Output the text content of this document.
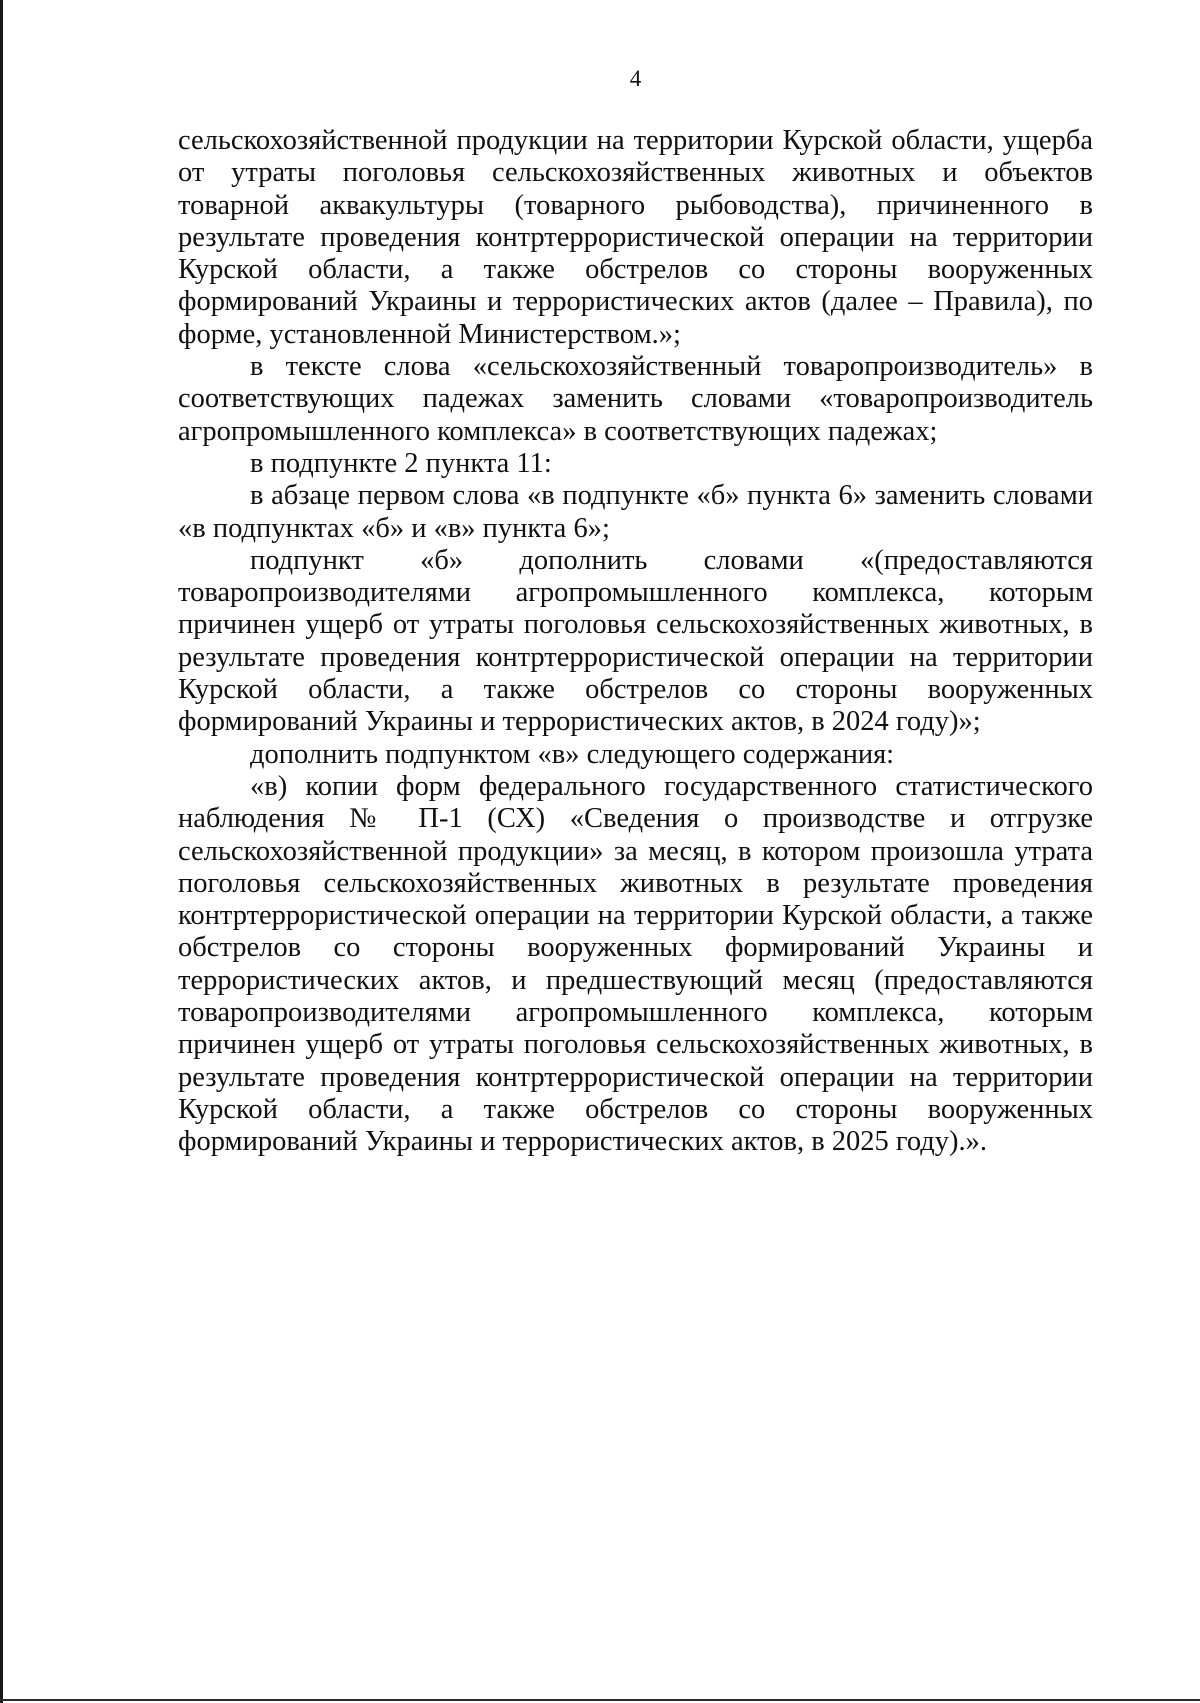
4

сельскохозяйственной продукции на территории Курской области, ущерба от утраты поголовья сельскохозяйственных животных и объектов товарной аквакультуры (товарного рыбоводства), причиненного в результате проведения контртеррористической операции на территории Курской области, а также обстрелов со стороны вооруженных формирований Украины и террористических актов (далее – Правила), по форме, установленной Министерством.»;

в тексте слова «сельскохозяйственный товаропроизводитель» в соответствующих падежах заменить словами «товаропроизводитель агропромышленного комплекса» в соответствующих падежах;

в подпункте 2 пункта 11:

в абзаце первом слова «в подпункте «б» пункта 6» заменить словами «в подпунктах «б» и «в» пункта 6»;

подпункт «б» дополнить словами «(предоставляются товаропроизводителями агропромышленного комплекса, которым причинен ущерб от утраты поголовья сельскохозяйственных животных, в результате проведения контртеррористической операции на территории Курской области, а также обстрелов со стороны вооруженных формирований Украины и террористических актов, в 2024 году)»;

дополнить подпунктом «в» следующего содержания:

«в) копии форм федерального государственного статистического наблюдения № П-1 (СХ) «Сведения о производстве и отгрузке сельскохозяйственной продукции» за месяц, в котором произошла утрата поголовья сельскохозяйственных животных в результате проведения контртеррористической операции на территории Курской области, а также обстрелов со стороны вооруженных формирований Украины и террористических актов, и предшествующий месяц (предоставляются товаропроизводителями агропромышленного комплекса, которым причинен ущерб от утраты поголовья сельскохозяйственных животных, в результате проведения контртеррористической операции на территории Курской области, а также обстрелов со стороны вооруженных формирований Украины и террористических актов, в 2025 году).».
